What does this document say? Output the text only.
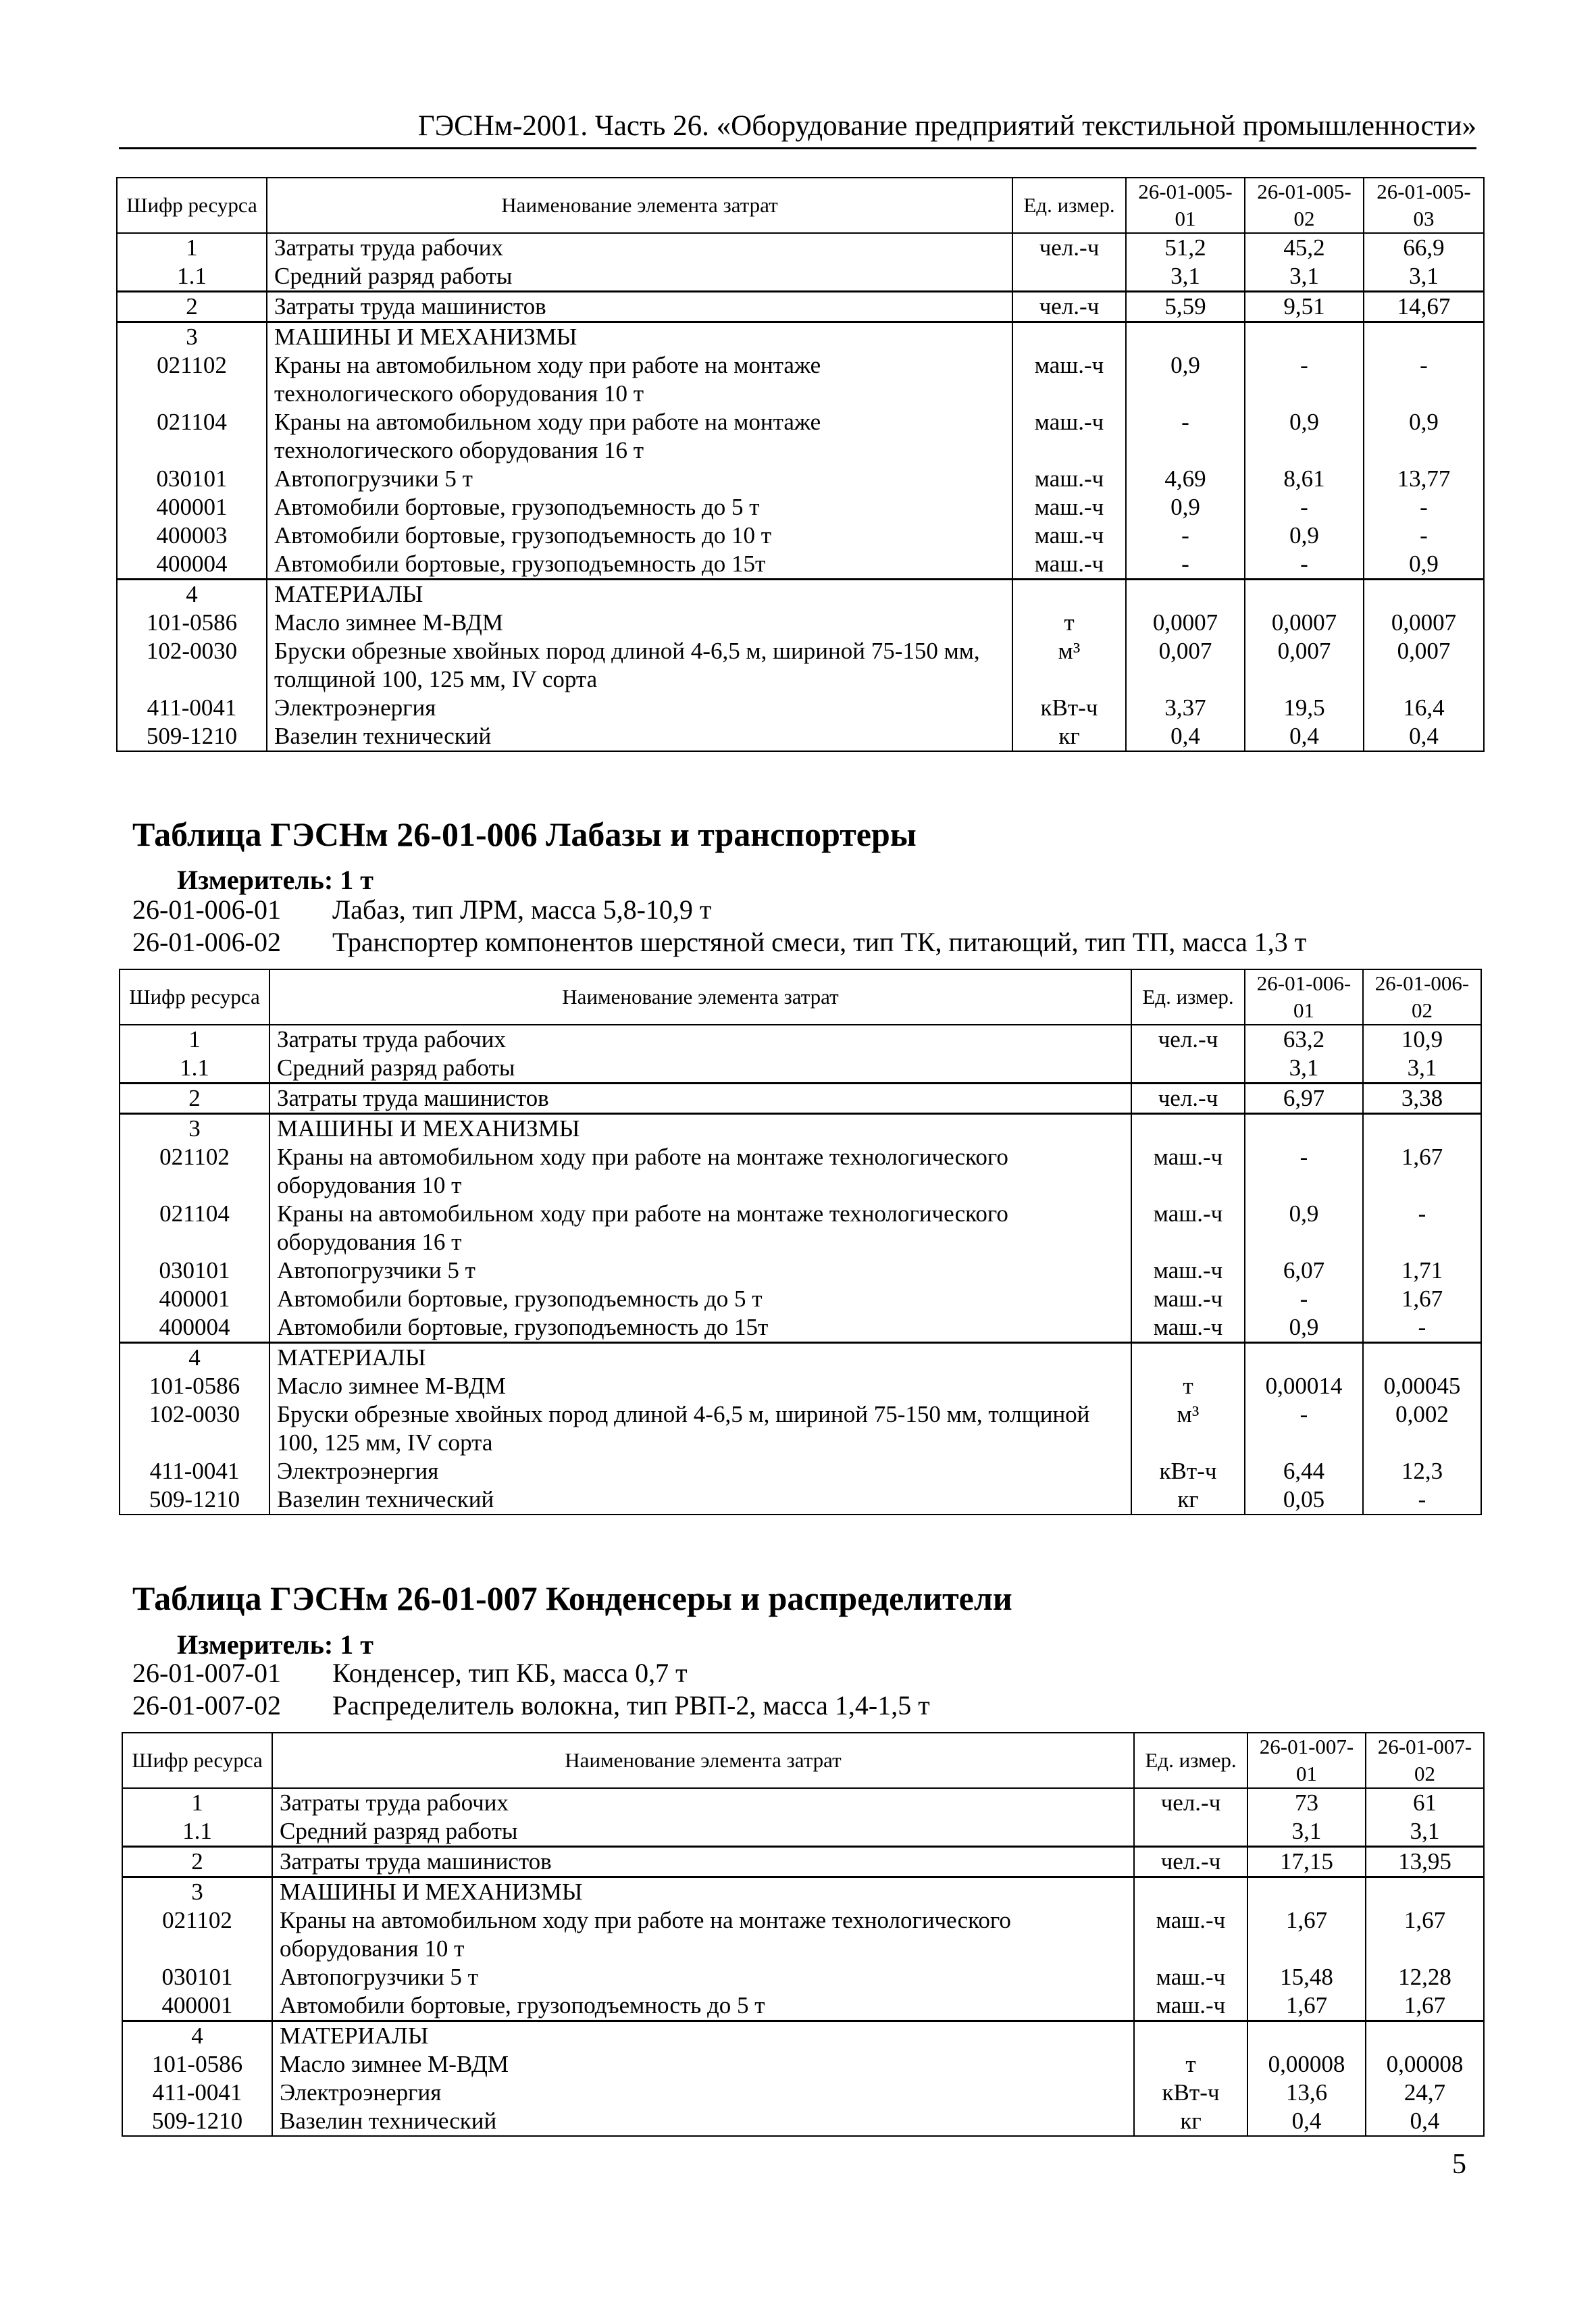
ГЭСНм-2001. Часть 26. «Оборудование предприятий текстильной промышленности»
Шифр ресурса	Наименование элемента затрат	Ед. измер.	26-01-005-01	26-01-005-02	26-01-005-03
1	Затраты труда рабочих	чел.-ч	51,2	45,2	66,9
1.1	Средний разряд работы		3,1	3,1	3,1
2	Затраты труда машинистов	чел.-ч	5,59	9,51	14,67
3	МАШИНЫ И МЕХАНИЗМЫ				
021102	Краны на автомобильном ходу при работе на монтаже технологического оборудования 10 т	маш.-ч	0,9	-	-
021104	Краны на автомобильном ходу при работе на монтаже технологического оборудования 16 т	маш.-ч	-	0,9	0,9
030101	Автопогрузчики 5 т	маш.-ч	4,69	8,61	13,77
400001	Автомобили бортовые, грузоподъемность до 5 т	маш.-ч	0,9	-	-
400003	Автомобили бортовые, грузоподъемность до 10 т	маш.-ч	-	0,9	-
400004	Автомобили бортовые, грузоподъемность до 15т	маш.-ч	-	-	0,9
4	МАТЕРИАЛЫ				
101-0586	Масло зимнее М-ВДМ	т	0,0007	0,0007	0,0007
102-0030	Бруски обрезные хвойных пород длиной 4-6,5 м, шириной 75-150 мм, толщиной 100, 125 мм, IV сорта	м³	0,007	0,007	0,007
411-0041	Электроэнергия	кВт-ч	3,37	19,5	16,4
509-1210	Вазелин технический	кг	0,4	0,4	0,4
Таблица ГЭСНм 26-01-006 Лабазы и транспортеры
Измеритель: 1 т
26-01-006-01 Лабаз, тип ЛРМ, масса 5,8-10,9 т
26-01-006-02 Транспортер компонентов шерстяной смеси, тип ТК, питающий, тип ТП, масса 1,3 т
Шифр ресурса	Наименование элемента затрат	Ед. измер.	26-01-006-01	26-01-006-02
1	Затраты труда рабочих	чел.-ч	63,2	10,9
1.1	Средний разряд работы		3,1	3,1
2	Затраты труда машинистов	чел.-ч	6,97	3,38
3	МАШИНЫ И МЕХАНИЗМЫ			
021102	Краны на автомобильном ходу при работе на монтаже технологического оборудования 10 т	маш.-ч	-	1,67
021104	Краны на автомобильном ходу при работе на монтаже технологического оборудования 16 т	маш.-ч	0,9	-
030101	Автопогрузчики 5 т	маш.-ч	6,07	1,71
400001	Автомобили бортовые, грузоподъемность до 5 т	маш.-ч	-	1,67
400004	Автомобили бортовые, грузоподъемность до 15т	маш.-ч	0,9	-
4	МАТЕРИАЛЫ			
101-0586	Масло зимнее М-ВДМ	т	0,00014	0,00045
102-0030	Бруски обрезные хвойных пород длиной 4-6,5 м, шириной 75-150 мм, толщиной 100, 125 мм, IV сорта	м³	-	0,002
411-0041	Электроэнергия	кВт-ч	6,44	12,3
509-1210	Вазелин технический	кг	0,05	-
Таблица ГЭСНм 26-01-007 Конденсеры и распределители
Измеритель: 1 т
26-01-007-01 Конденсер, тип КБ, масса 0,7 т
26-01-007-02 Распределитель волокна, тип РВП-2, масса 1,4-1,5 т
Шифр ресурса	Наименование элемента затрат	Ед. измер.	26-01-007-01	26-01-007-02
1	Затраты труда рабочих	чел.-ч	73	61
1.1	Средний разряд работы		3,1	3,1
2	Затраты труда машинистов	чел.-ч	17,15	13,95
3	МАШИНЫ И МЕХАНИЗМЫ			
021102	Краны на автомобильном ходу при работе на монтаже технологического оборудования 10 т	маш.-ч	1,67	1,67
030101	Автопогрузчики 5 т	маш.-ч	15,48	12,28
400001	Автомобили бортовые, грузоподъемность до 5 т	маш.-ч	1,67	1,67
4	МАТЕРИАЛЫ			
101-0586	Масло зимнее М-ВДМ	т	0,00008	0,00008
411-0041	Электроэнергия	кВт-ч	13,6	24,7
509-1210	Вазелин технический	кг	0,4	0,4
5
